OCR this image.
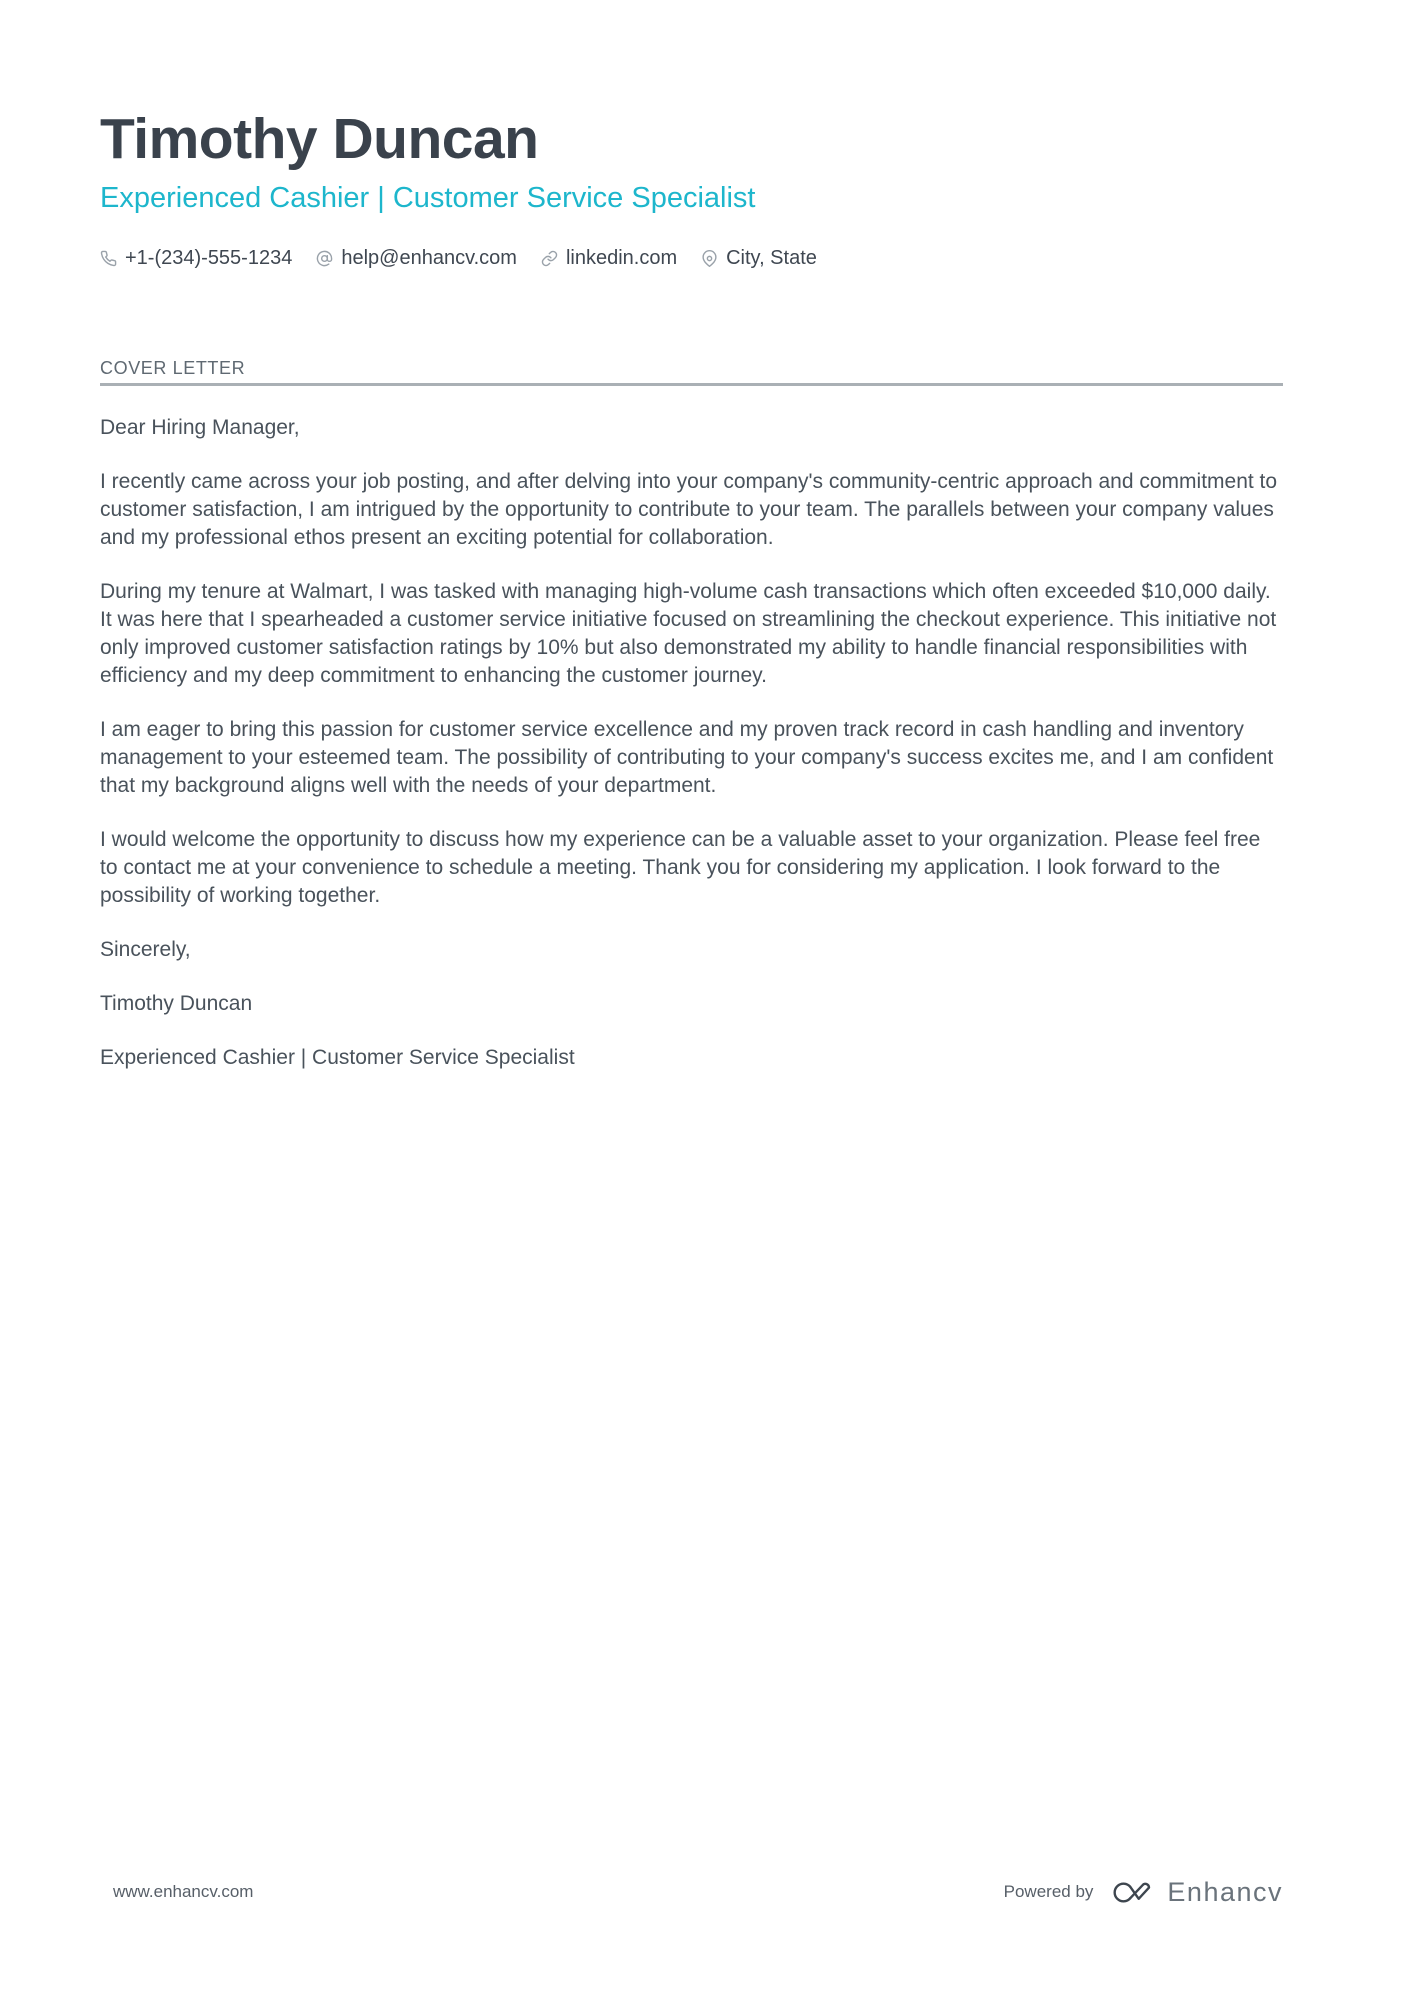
Timothy Duncan
Experienced Cashier | Customer Service Specialist
+1-(234)-555-1234 help@enhancv.com linkedin.com City, State
COVER LETTER

Dear Hiring Manager,

I recently came across your job posting, and after delving into your company's community-centric approach and commitment to customer satisfaction, I am intrigued by the opportunity to contribute to your team. The parallels between your company values and my professional ethos present an exciting potential for collaboration.

During my tenure at Walmart, I was tasked with managing high-volume cash transactions which often exceeded $10,000 daily. It was here that I spearheaded a customer service initiative focused on streamlining the checkout experience. This initiative not only improved customer satisfaction ratings by 10% but also demonstrated my ability to handle financial responsibilities with efficiency and my deep commitment to enhancing the customer journey.

I am eager to bring this passion for customer service excellence and my proven track record in cash handling and inventory management to your esteemed team. The possibility of contributing to your company's success excites me, and I am confident that my background aligns well with the needs of your department.

I would welcome the opportunity to discuss how my experience can be a valuable asset to your organization. Please feel free to contact me at your convenience to schedule a meeting. Thank you for considering my application. I look forward to the possibility of working together.

Sincerely,

Timothy Duncan

Experienced Cashier | Customer Service Specialist

www.enhancv.com	Powered by	Enhancv
